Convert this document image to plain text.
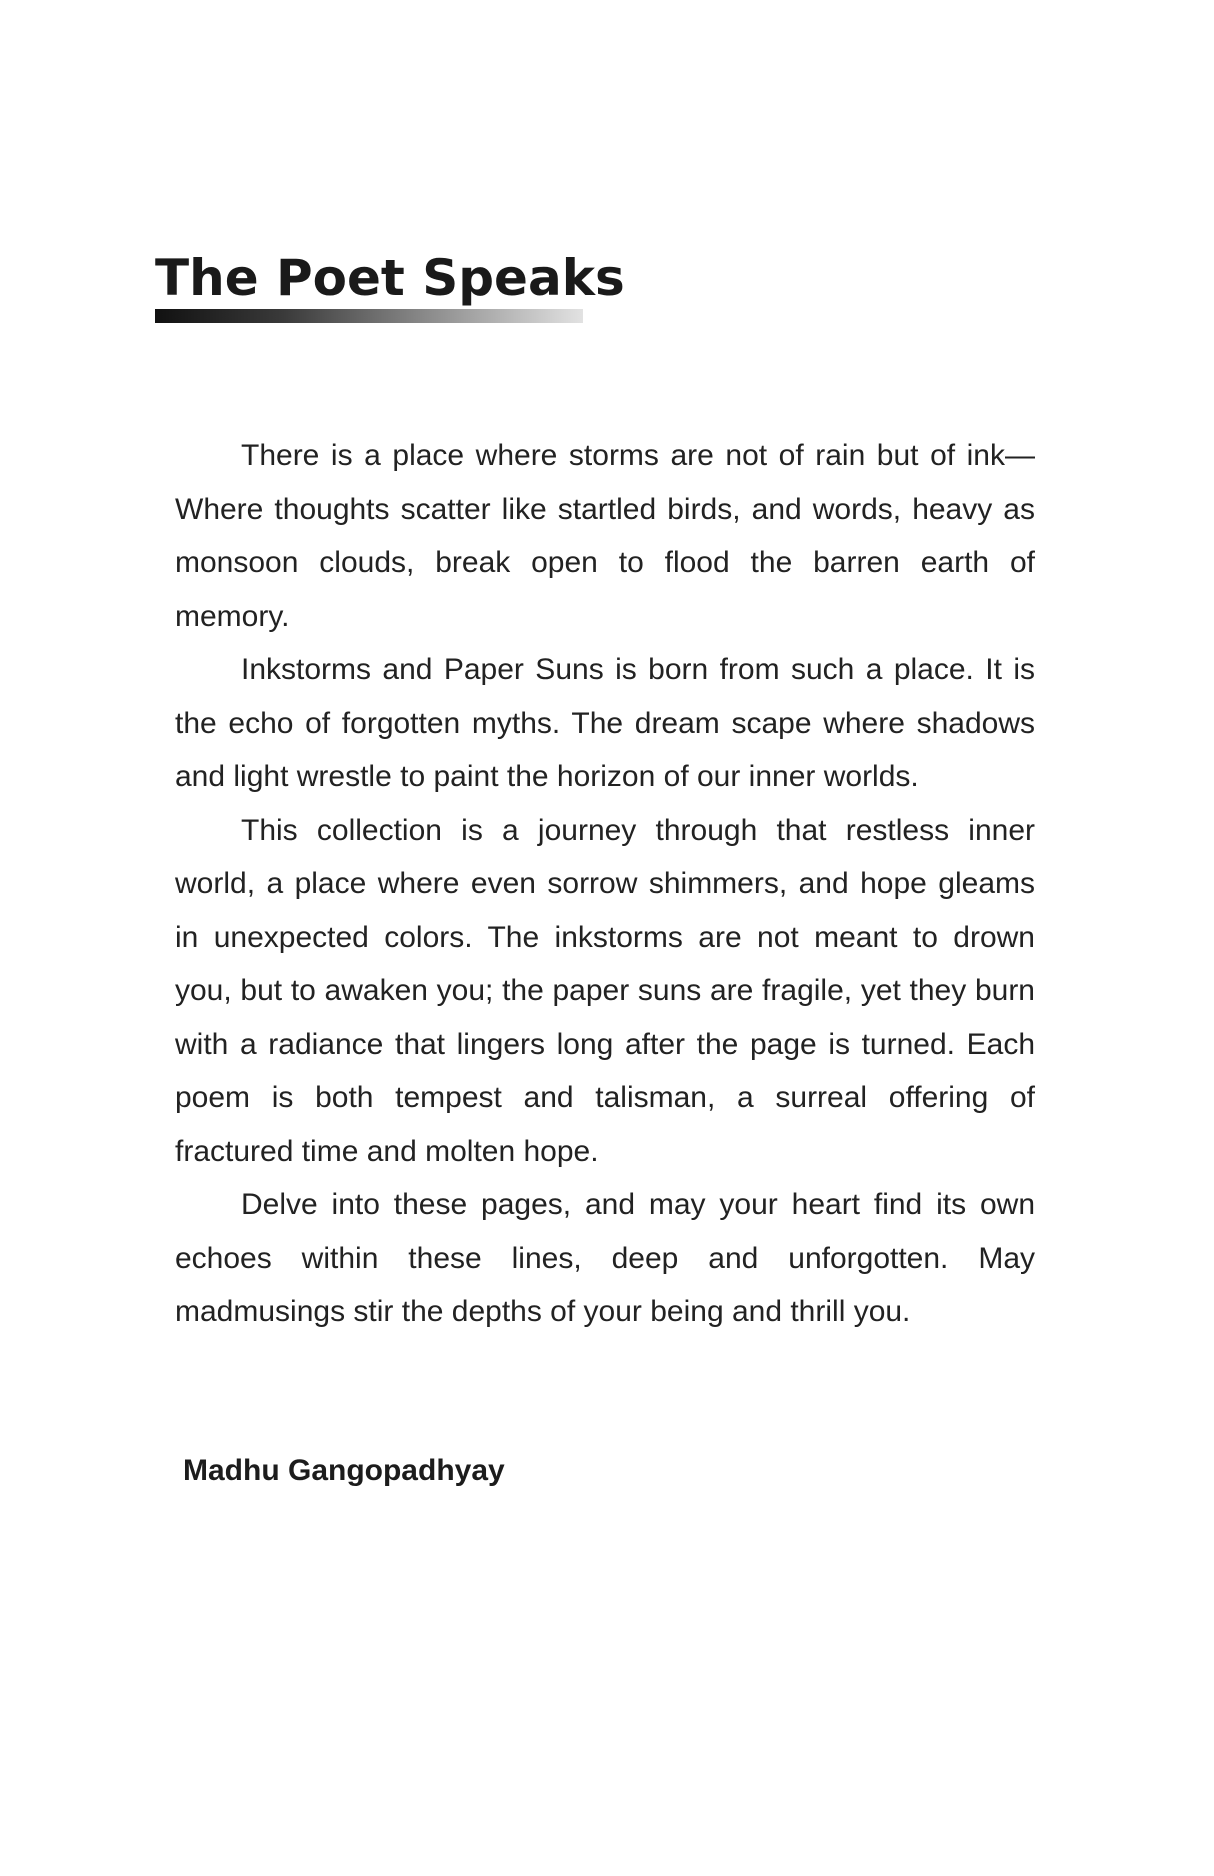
The Poet Speaks

There is a place where storms are not of rain but of ink— Where thoughts scatter like startled birds, and words, heavy as monsoon clouds, break open to flood the barren earth of memory.

Inkstorms and Paper Suns is born from such a place. It is the echo of forgotten myths. The dream scape where shadows and light wrestle to paint the horizon of our inner worlds.

This collection is a journey through that restless inner world, a place where even sorrow shimmers, and hope gleams in unexpected colors. The inkstorms are not meant to drown you, but to awaken you; the paper suns are fragile, yet they burn with a radiance that lingers long after the page is turned. Each poem is both tempest and talisman, a surreal offering of fractured time and molten hope.

Delve into these pages, and may your heart find its own echoes within these lines, deep and unforgotten. May madmusings stir the depths of your being and thrill you.

Madhu Gangopadhyay
